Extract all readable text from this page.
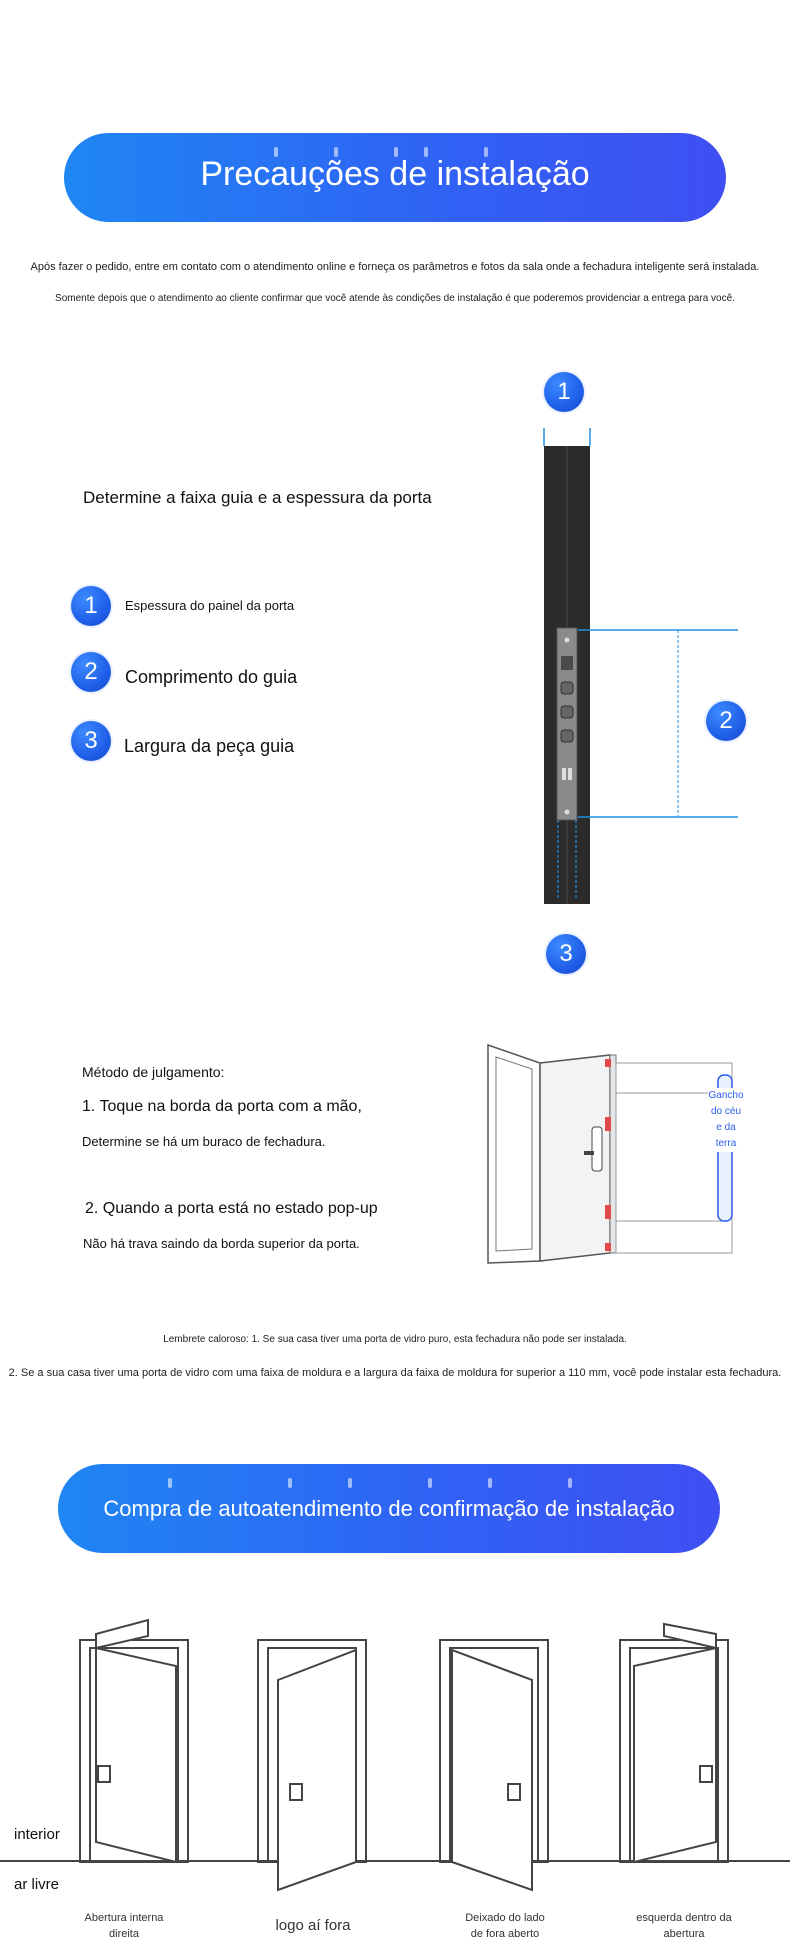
Precauções de instalação
Após fazer o pedido, entre em contato com o atendimento online e forneça os parâmetros e fotos da sala onde a fechadura inteligente será instalada.
Somente depois que o atendimento ao cliente confirmar que você atende às condições de instalação é que poderemos providenciar a entrega para você.
Determine a faixa guia e a espessura da porta
1	Espessura do painel da porta
2	Comprimento do guia
3	Largura da peça guia
1
2
3
Método de julgamento:
1. Toque na borda da porta com a mão,
Determine se há um buraco de fechadura.
2. Quando a porta está no estado pop-up
Não há trava saindo da borda superior da porta.
Gancho do céu e da terra
Lembrete caloroso: 1. Se sua casa tiver uma porta de vidro puro, esta fechadura não pode ser instalada.
2. Se a sua casa tiver uma porta de vidro com uma faixa de moldura e a largura da faixa de moldura for superior a 110 mm, você pode instalar esta fechadura.
Compra de autoatendimento de confirmação de instalação
interior
ar livre
Abertura interna
direita	logo aí fora	Deixado do lado
de fora aberto
esquerda dentro da
abertura
